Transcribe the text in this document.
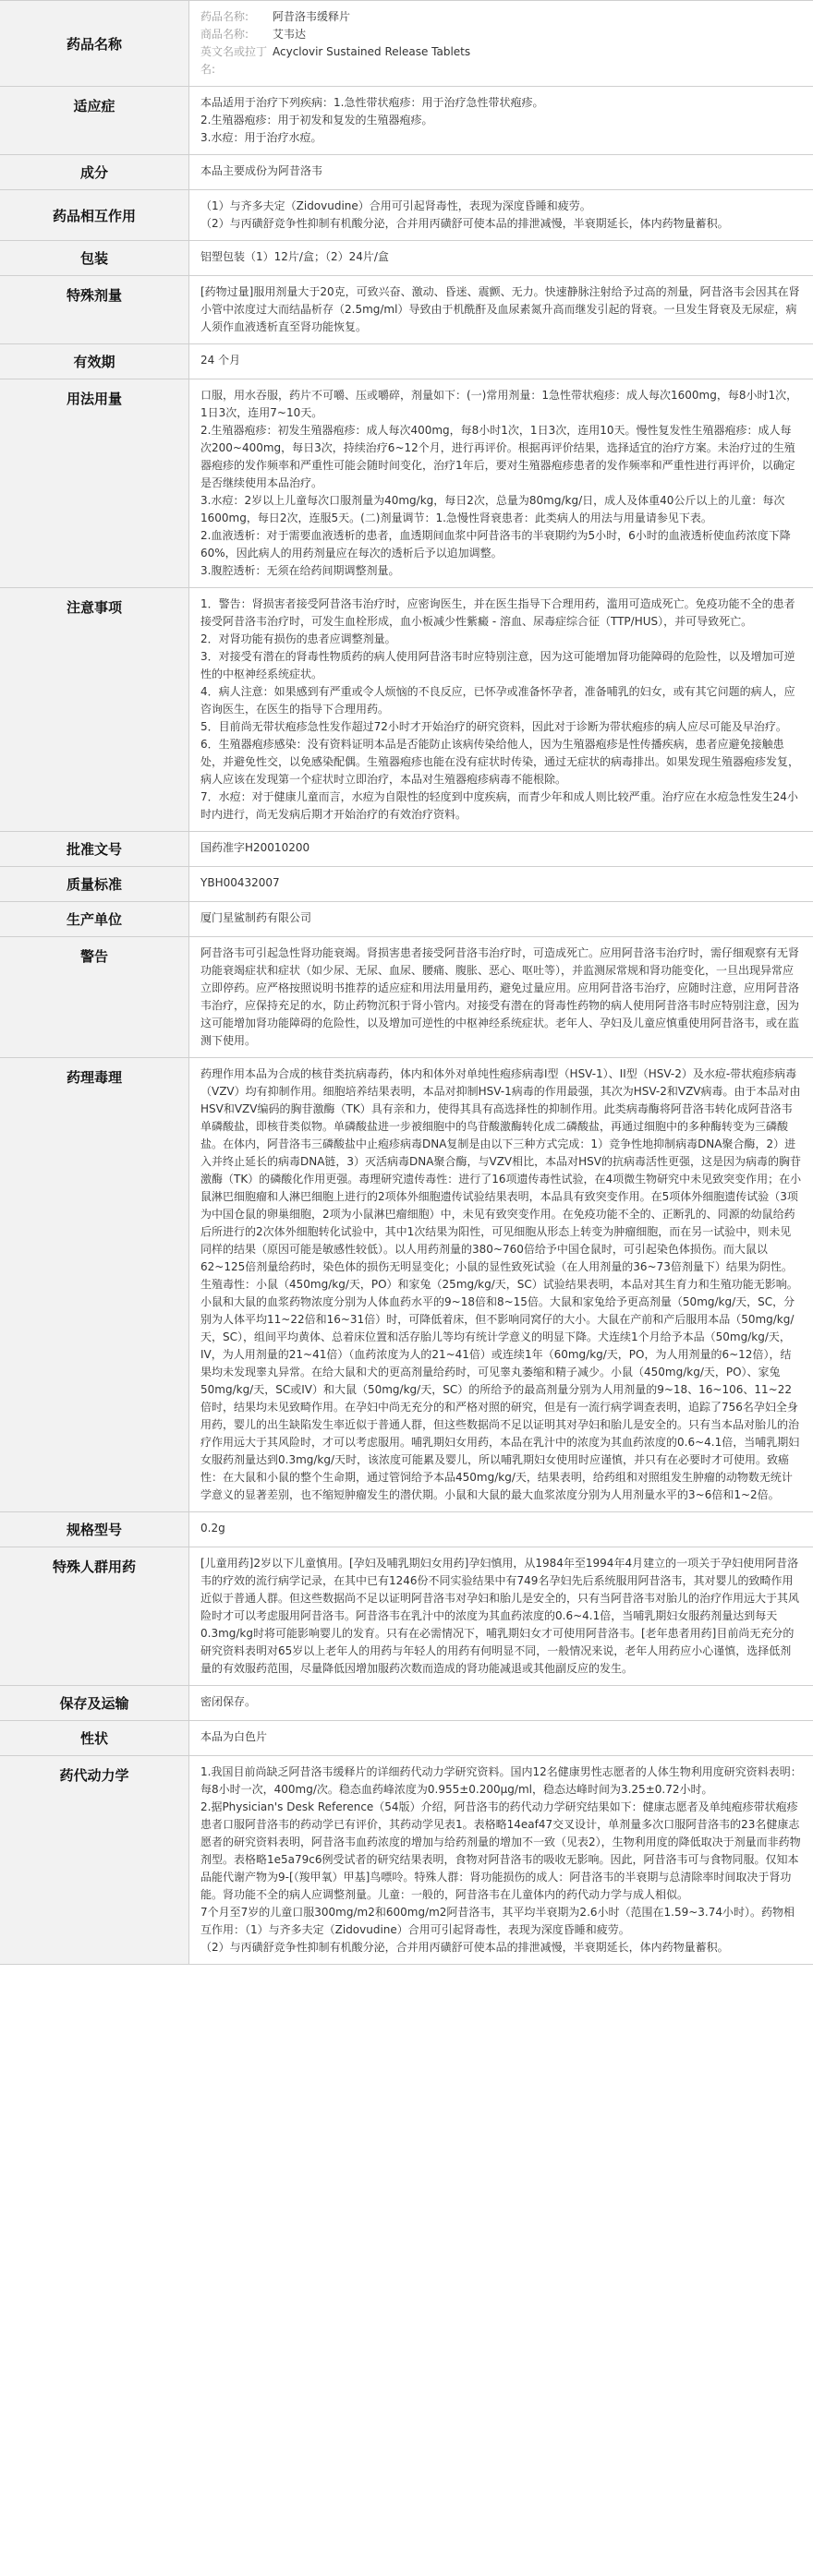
药品名称
药品名称:	阿昔洛韦缓释片
商品名称:	艾韦达
英文名或拉丁名:
Acyclovir Sustained Release Tablets
适应症	本品适用于治疗下列疾病：1.急性带状疱疹：用于治疗急性带状疱疹。

2.生殖器疱疹：用于初发和复发的生殖器疱疹。

3.水痘：用于治疗水痘。

成分	本品主要成份为阿昔洛韦

药品相互作用

（1）与齐多夫定（Zidovudine）合用可引起肾毒性，表现为深度昏睡和疲劳。

（2）与丙磺舒竞争性抑制有机酸分泌，合并用丙磺舒可使本品的排泄减慢，半衰期延长，体内药物量蓄积。

包装	铝塑包装（1）12片/盒；（2）24片/盒

特殊剂量	[药物过量]服用剂量大于20克，可致兴奋、激动、昏迷、震颤、无力。快速静脉注射给予过高的剂量，阿昔洛韦会因其在肾小管中浓度过大而结晶析存（2.5mg/ml）导致由于机酰酐及血尿素氮升高而继发引起的肾衰。一旦发生肾衰及无尿症，病人须作血液透析直至肾功能恢复。

有效期	24 个月

用法用量	口服，用水吞服，药片不可嚼、压或嚼碎，剂量如下：(一)常用剂量：1急性带状疱疹：成人每次1600mg，每8小时1次，1日3次，连用7~10天。

2.生殖器疱疹：初发生殖器疱疹：成人每次400mg，每8小时1次，1日3次，连用10天。慢性复发性生殖器疱疹：成人每次200~400mg，每日3次，持续治疗6~12个月，进行再评价。根据再评价结果，选择适宜的治疗方案。未治疗过的生殖器疱疹的发作频率和严重性可能会随时间变化，治疗1年后，要对生殖器疱疹患者的发作频率和严重性进行再评价，以确定是否继续使用本品治疗。

3.水痘：2岁以上儿童每次口服剂量为40mg/kg，每日2次，总量为80mg/kg/日，成人及体重40公斤以上的儿童：每次1600mg，每日2次，连服5天。(二)剂量调节：1.急慢性肾衰患者：此类病人的用法与用量请参见下表。

2.血液透析：对于需要血液透析的患者，血透期间血浆中阿昔洛韦的半衰期约为5小时，6小时的血液透析使血药浓度下降60%，因此病人的用药剂量应在每次的透析后予以追加调整。

3.腹腔透析：无须在给药间期调整剂量。

注意事项	1．警告：肾损害者接受阿昔洛韦治疗时，应密询医生，并在医生指导下合理用药，滥用可造成死亡。免疫功能不全的患者接受阿昔洛韦治疗时，可发生血栓形成，血小板减少性紫癜 - 溶血、尿毒症综合征（TTP/HUS），并可导致死亡。

2．对肾功能有损伤的患者应调整剂量。

3．对接受有潜在的肾毒性物质药的病人使用阿昔洛韦时应特别注意，因为这可能增加肾功能障碍的危险性，以及增加可逆性的中枢神经系统症状。

4．病人注意：如果感到有严重或令人烦恼的不良反应，已怀孕或准备怀孕者，准备哺乳的妇女，或有其它问题的病人，应咨询医生，在医生的指导下合理用药。

5．目前尚无带状疱疹急性发作超过72小时才开始治疗的研究资料，因此对于诊断为带状疱疹的病人应尽可能及早治疗。

6．生殖器疱疹感染：没有资料证明本品是否能防止该病传染给他人，因为生殖器疱疹是性传播疾病，患者应避免接触患处，并避免性交，以免感染配偶。生殖器疱疹也能在没有症状时传染，通过无症状的病毒排出。如果发现生殖器疱疹发复，病人应该在发现第一个症状时立即治疗，本品对生殖器疱疹病毒不能根除。

7．水痘：对于健康儿童而言，水痘为自限性的轻度到中度疾病，而青少年和成人则比较严重。治疗应在水痘急性发生24小时内进行，尚无发病后期才开始治疗的有效治疗资料。

批准文号	国药准字H20010200

质量标准	YBH00432007

生产单位	厦门星鲨制药有限公司

警告	阿昔洛韦可引起急性肾功能衰竭。肾损害患者接受阿昔洛韦治疗时，可造成死亡。应用阿昔洛韦治疗时，需仔细观察有无肾功能衰竭症状和症状（如少尿、无尿、血尿、腰痛、腹胀、恶心、呕吐等），并监测尿常规和肾功能变化，一旦出现异常应立即停药。应严格按照说明书推荐的适应症和用法用量用药，避免过量应用。应用阿昔洛韦治疗，应随时注意，应用阿昔洛韦治疗，应保持充足的水，防止药物沉积于肾小管内。对接受有潜在的肾毒性药物的病人使用阿昔洛韦时应特别注意，因为这可能增加肾功能障碍的危险性，以及增加可逆性的中枢神经系统症状。老年人、孕妇及儿童应慎重使用阿昔洛韦，或在监测下使用。

药理毒理	药理作用本品为合成的核苷类抗病毒药，体内和体外对单纯性疱疹病毒I型（HSV-1）、II型（HSV-2）及水痘-带状疱疹病毒（VZV）均有抑制作用。细胞培养结果表明，本品对抑制HSV-1病毒的作用最强，其次为HSV-2和VZV病毒。由于本品对由HSV和VZV编码的胸苷激酶（TK）具有亲和力，使得其具有高选择性的抑制作用。此类病毒酶将阿昔洛韦转化成阿昔洛韦单磷酸盐，即核苷类似物。单磷酸盐进一步被细胞中的鸟苷酸激酶转化成二磷酸盐，再通过细胞中的多种酶转变为三磷酸盐。在体内，阿昔洛韦三磷酸盐中止疱疹病毒DNA复制是由以下三种方式完成：1）竞争性地抑制病毒DNA聚合酶，2）进入并终止延长的病毒DNA链，3）灭活病毒DNA聚合酶，与VZV相比，本品对HSV的抗病毒活性更强，这是因为病毒的胸苷激酶（TK）的磷酸化作用更强。毒理研究遗传毒性：进行了16项遗传毒性试验，在4项微生物研究中未见致突变作用；在小鼠淋巴细胞瘤和人淋巴细胞上进行的2项体外细胞遗传试验结果表明，本品具有致突变作用。在5项体外细胞遗传试验（3项为中国仓鼠的卵巢细胞，2项为小鼠淋巴瘤细胞）中，未见有致突变作用。在免疫功能不全的、正断乳的、同源的幼鼠给药后所进行的2次体外细胞转化试验中，其中1次结果为阳性，可见细胞从形态上转变为肿瘤细胞，而在另一试验中，则未见同样的结果（原因可能是敏感性较低）。以人用药剂量的380~760倍给予中国仓鼠时，可引起染色体损伤。而大鼠以62~125倍剂量给药时，染色体的损伤无明显变化；小鼠的显性致死试验（在人用剂量的36~73倍剂量下）结果为阴性。生殖毒性：小鼠（450mg/kg/天，PO）和家兔（25mg/kg/天，SC）试验结果表明，本品对其生育力和生殖功能无影响。小鼠和大鼠的血浆药物浓度分别为人体血药水平的9~18倍和8~15倍。大鼠和家兔给予更高剂量（50mg/kg/天，SC，分别为人体平均11~22倍和16~31倍）时，可降低着床，但不影响同窝仔的大小。大鼠在产前和产后服用本品（50mg/kg/天，SC），组间平均黄体、总着床位置和活存胎儿等均有统计学意义的明显下降。犬连续1个月给予本品（50mg/kg/天，IV，为人用剂量的21~41倍）（血药浓度为人的21~41倍）或连续1年（60mg/kg/天，PO，为人用剂量的6~12倍），结果均未发现睾丸异常。在给大鼠和犬的更高剂量给药时，可见睾丸萎缩和精子减少。小鼠（450mg/kg/天，PO）、家兔50mg/kg/天，SC或IV）和大鼠（50mg/kg/天，SC）的所给予的最高剂量分别为人用剂量的9~18、16~106、11~22倍时，结果均未见致畸作用。在孕妇中尚无充分的和严格对照的研究，但是有一流行病学调查表明，追踪了756名孕妇全身用药，婴儿的出生缺陷发生率近似于普通人群，但这些数据尚不足以证明其对孕妇和胎儿是安全的。只有当本品对胎儿的治疗作用远大于其风险时，才可以考虑服用。哺乳期妇女用药，本品在乳汁中的浓度为其血药浓度的0.6~4.1倍，当哺乳期妇女服药剂量达到0.3mg/kg/天时，该浓度可能累及婴儿，所以哺乳期妇女使用时应谨慎，并只有在必要时才可使用。致癌性：在大鼠和小鼠的整个生命期，通过管饲给予本品450mg/kg/天，结果表明，给药组和对照组发生肿瘤的动物数无统计学意义的显著差别，也不缩短肿瘤发生的潜伏期。小鼠和大鼠的最大血浆浓度分别为人用剂量水平的3~6倍和1~2倍。

规格型号	0.2g

特殊人群用药	[儿童用药]2岁以下儿童慎用。[孕妇及哺乳期妇女用药]孕妇慎用，从1984年至1994年4月建立的一项关于孕妇使用阿昔洛韦的疗效的流行病学记录，在其中已有1246份不同实验结果中有749名孕妇先后系统服用阿昔洛韦，其对婴儿的致畸作用近似于普通人群。但这些数据尚不足以证明阿昔洛韦对孕妇和胎儿是安全的，只有当阿昔洛韦对胎儿的治疗作用远大于其风险时才可以考虑服用阿昔洛韦。阿昔洛韦在乳汁中的浓度为其血药浓度的0.6~4.1倍，当哺乳期妇女服药剂量达到每天0.3mg/kg时将可能影响婴儿的发育。只有在必需情况下，哺乳期妇女才可使用阿昔洛韦。[老年患者用药]目前尚无充分的研究资料表明对65岁以上老年人的用药与年轻人的用药有何明显不同，一般情况来说，老年人用药应小心谨慎，选择低剂量的有效服药范围，尽量降低因增加服药次数而造成的肾功能减退或其他副反应的发生。

保存及运输	密闭保存。

性状	本品为白色片

药代动力学	1.我国目前尚缺乏阿昔洛韦缓释片的详细药代动力学研究资料。国内12名健康男性志愿者的人体生物利用度研究资料表明：每8小时一次，400mg/次。稳态血药峰浓度为0.955±0.200μg/ml，稳态达峰时间为3.25±0.72小时。

2.据Physician's Desk Reference（54版）介绍，阿昔洛韦的药代动力学研究结果如下：健康志愿者及单纯疱疹带状疱疹患者口服阿昔洛韦的药动学已有评价，其药动学见表1。表格略14eaf47交叉设计，单剂量多次口服阿昔洛韦的23名健康志愿者的研究资料表明，阿昔洛韦血药浓度的增加与给药剂量的增加不一致（见表2），生物利用度的降低取决于剂量而非药物剂型。表格略1e5a79c6例受试者的研究结果表明，食物对阿昔洛韦的吸收无影响。因此，阿昔洛韦可与食物同服。仅知本品能代谢产物为9-[（羧甲氧）甲基]鸟嘌呤。特殊人群：肾功能损伤的成人：阿昔洛韦的半衰期与总清除率时间取决于肾功能。肾功能不全的病人应调整剂量。儿童：一般的，阿昔洛韦在儿童体内的药代动力学与成人相似。

7个月至7岁的儿童口服300mg/m2和600mg/m2阿昔洛韦，其平均半衰期为2.6小时（范围在1.59~3.74小时）。药物相互作用：（1）与齐多夫定（Zidovudine）合用可引起肾毒性，表现为深度昏睡和疲劳。

（2）与丙磺舒竞争性抑制有机酸分泌，合并用丙磺舒可使本品的排泄减慢，半衰期延长，体内药物量蓄积。
